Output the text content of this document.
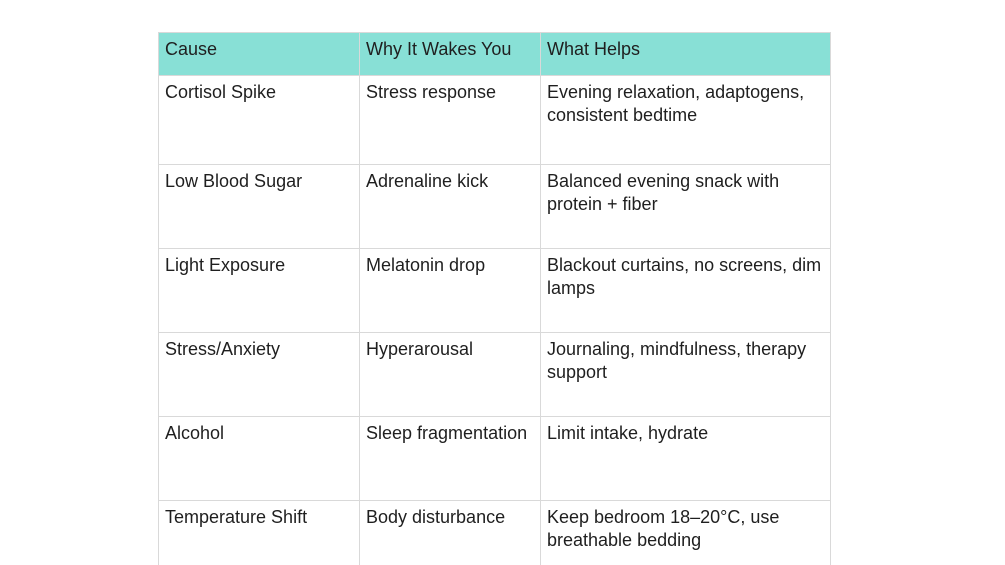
Cause	Why It Wakes You	What Helps
Cortisol Spike	Stress response	Evening relaxation, adaptogens, consistent bedtime
Low Blood Sugar	Adrenaline kick	Balanced evening snack with protein + fiber
Light Exposure	Melatonin drop	Blackout curtains, no screens, dim lamps
Stress/Anxiety	Hyperarousal	Journaling, mindfulness, therapy support
Alcohol	Sleep fragmentation	Limit intake, hydrate
Temperature Shift	Body disturbance	Keep bedroom 18–20°C, use breathable bedding
